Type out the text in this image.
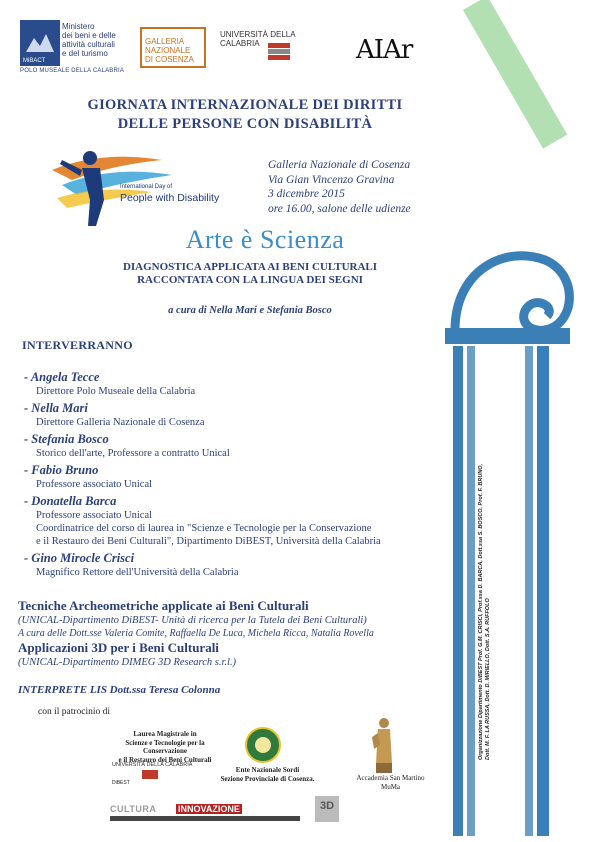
MiBACT
Ministero
dei beni e delle
attività culturali
e del turismo
POLO MUSEALE DELLA CALABRIA
GALLERIA
NAZIONALE
DI COSENZA
UNIVERSITÀ DELLA CALABRIA	AIAr
GIORNATA INTERNAZIONALE DEI DIRITTI
DELLE PERSONE CON DISABILITÀ
International Day of
People with Disability
Galleria Nazionale di Cosenza
Via Gian Vincenzo Gravina
3 dicembre 2015
ore 16.00, salone delle udienze
Arte è Scienza
DIAGNOSTICA APPLICATA AI BENI CULTURALI
RACCONTATA CON LA LINGUA DEI SEGNI
a cura di Nella Mari e Stefania Bosco
INTERVERRANNO
- Angela Tecce
Direttore Polo Museale della Calabria
- Nella Mari
Direttore Galleria Nazionale di Cosenza
- Stefania Bosco
Storico dell'arte, Professore a contratto Unical
- Fabio Bruno
Professore associato Unical
- Donatella Barca
Professore associato Unical
Coordinatrice del corso di laurea in "Scienze e Tecnologie per la Conservazione
e il Restauro dei Beni Culturali", Dipartimento DiBEST, Università della Calabria
- Gino Mirocle Crisci
Magnifico Rettore dell'Università della Calabria
Tecniche Archeometriche applicate ai Beni Culturali
(UNICAL-Dipartimento DiBEST- Unità di ricerca per la Tutela dei Beni Culturali)
A cura delle Dott.sse Valeria Comite, Raffaella De Luca, Michela Ricca, Natalia Rovella
Applicazioni 3D per i Beni Culturali
(UNICAL-Dipartimento DIMEG 3D Research s.r.l.)
INTERPRETE LIS Dott.ssa Teresa Colonna
con il patrocinio di
Laurea Magistrale in
Scienze e Tecnologie per la Conservazione
e il Restauro dei Beni Culturali
UNIVERSITÀ DELLA CALABRIA
DiBEST
Ente Nazionale Sordi
Sezione Provinciale di Cosenza.	Accademia San Martino
MuMa
CULTURA INNOVAZIONE	3D
Organizzazione Dipartimento DiBEST Prof. G.M. CRISCI, Prof.ssa D. BARCA, Dott.ssa S. BOSCO, Prof. F. BRUNO, Dott. M. F. LA RUSSA, Dott. D. MIRIELLO, Dott. S.A. RUFFOLO
